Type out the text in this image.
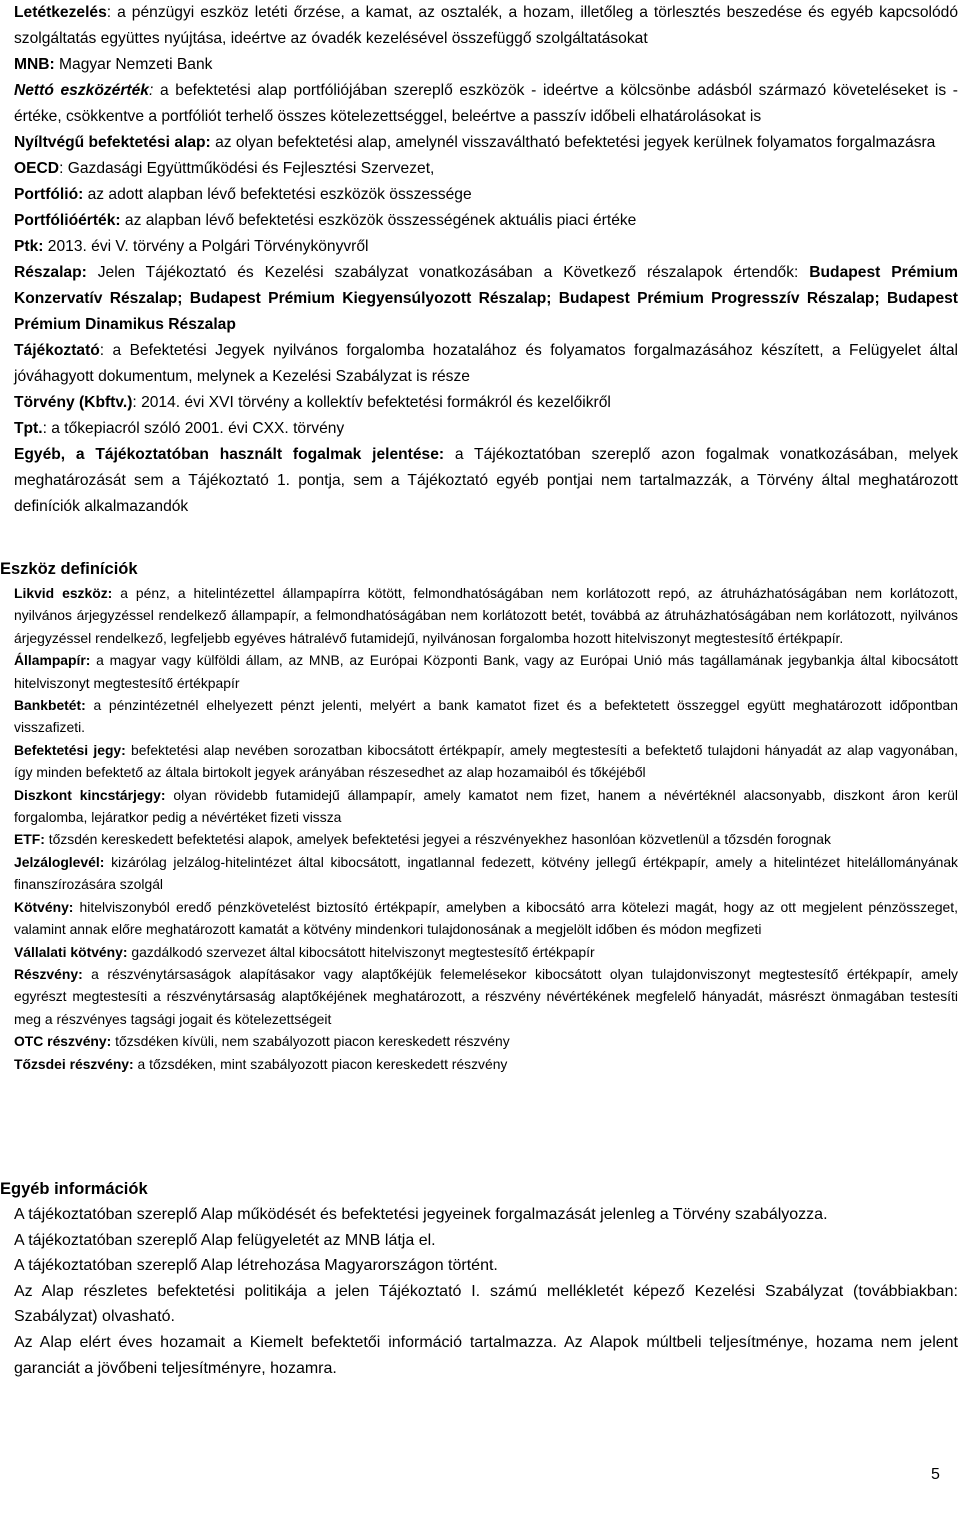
Letétkezelés: a pénzügyi eszköz letéti őrzése, a kamat, az osztalék, a hozam, illetőleg a törlesztés beszedése és egyéb kapcsolódó szolgáltatás együttes nyújtása, ideértve az óvadék kezelésével összefüggő szolgáltatásokat

MNB: Magyar Nemzeti Bank

Nettó eszközérték: a befektetési alap portfóliójában szereplő eszközök - ideértve a kölcsönbe adásból származó követeléseket is - értéke, csökkentve a portfóliót terhelő összes kötelezettséggel, beleértve a passzív időbeli elhatárolásokat is

Nyíltvégű befektetési alap: az olyan befektetési alap, amelynél visszaváltható befektetési jegyek kerülnek folyamatos forgalmazásra

OECD: Gazdasági Együttműködési és Fejlesztési Szervezet,

Portfólió: az adott alapban lévő befektetési eszközök összessége

Portfólióérték: az alapban lévő befektetési eszközök összességének aktuális piaci értéke

Ptk: 2013. évi V. törvény a Polgári Törvénykönyvről

Részalap: Jelen Tájékoztató és Kezelési szabályzat vonatkozásában a Következő részalapok értendők: Budapest Prémium Konzervatív Részalap; Budapest Prémium Kiegyensúlyozott Részalap; Budapest Prémium Progresszív Részalap; Budapest Prémium Dinamikus Részalap

Tájékoztató: a Befektetési Jegyek nyilvános forgalomba hozatalához és folyamatos forgalmazásához készített, a Felügyelet által jóváhagyott dokumentum, melynek a Kezelési Szabályzat is része

Törvény (Kbftv.): 2014. évi XVI törvény a kollektív befektetési formákról és kezelőikről

Tpt.: a tőkepiacról szóló 2001. évi CXX. törvény

Egyéb, a Tájékoztatóban használt fogalmak jelentése: a Tájékoztatóban szereplő azon fogalmak vonatkozásában, melyek meghatározását sem a Tájékoztató 1. pontja, sem a Tájékoztató egyéb pontjai nem tartalmazzák, a Törvény által meghatározott definíciók alkalmazandók

Eszköz definíciók

Likvid eszköz: a pénz, a hitelintézettel állampapírra kötött, felmondhatóságában nem korlátozott repó, az átruházhatóságában nem korlátozott, nyilvános árjegyzéssel rendelkező állampapír, a felmondhatóságában nem korlátozott betét, továbbá az átruházhatóságában nem korlátozott, nyilvános árjegyzéssel rendelkező, legfeljebb egyéves hátralévő futamidejű, nyilvánosan forgalomba hozott hitelviszonyt megtestesítő értékpapír.

Állampapír: a magyar vagy külföldi állam, az MNB, az Európai Központi Bank, vagy az Európai Unió más tagállamának jegybankja által kibocsátott hitelviszonyt megtestesítő értékpapír

Bankbetét: a pénzintézetnél elhelyezett pénzt jelenti, melyért a bank kamatot fizet és a befektetett összeggel együtt meghatározott időpontban visszafizeti.

Befektetési jegy: befektetési alap nevében sorozatban kibocsátott értékpapír, amely megtestesíti a befektető tulajdoni hányadát az alap vagyonában, így minden befektető az általa birtokolt jegyek arányában részesedhet az alap hozamaiból és tőkéjéből

Diszkont kincstárjegy: olyan rövidebb futamidejű állampapír, amely kamatot nem fizet, hanem a névértéknél alacsonyabb, diszkont áron kerül forgalomba, lejáratkor pedig a névértéket fizeti vissza

ETF: tőzsdén kereskedett befektetési alapok, amelyek befektetési jegyei a részvényekhez hasonlóan közvetlenül a tőzsdén forognak

Jelzáloglevél: kizárólag jelzálog-hitelintézet által kibocsátott, ingatlannal fedezett, kötvény jellegű értékpapír, amely a hitelintézet hitelállományának finanszírozására szolgál

Kötvény: hitelviszonyból eredő pénzkövetelést biztosító értékpapír, amelyben a kibocsátó arra kötelezi magát, hogy az ott megjelent pénzösszeget, valamint annak előre meghatározott kamatát a kötvény mindenkori tulajdonosának a megjelölt időben és módon megfizeti

Vállalati kötvény: gazdálkodó szervezet által kibocsátott hitelviszonyt megtestesítő értékpapír

Részvény: a részvénytársaságok alapításakor vagy alaptőkéjük felemelésekor kibocsátott olyan tulajdonviszonyt megtestesítő értékpapír, amely egyrészt megtestesíti a részvénytársaság alaptőkéjének meghatározott, a részvény névértékének megfelelő hányadát, másrészt önmagában testesíti meg a részvényes tagsági jogait és kötelezettségeit

OTC részvény: tőzsdéken kívüli, nem szabályozott piacon kereskedett részvény

Tőzsdei részvény: a tőzsdéken, mint szabályozott piacon kereskedett részvény

Egyéb információk

A tájékoztatóban szereplő Alap működését és befektetési jegyeinek forgalmazását jelenleg a Törvény szabályozza.

A tájékoztatóban szereplő Alap felügyeletét az MNB látja el.

A tájékoztatóban szereplő Alap létrehozása Magyarországon történt.

Az Alap részletes befektetési politikája a jelen Tájékoztató I. számú mellékletét képező Kezelési Szabályzat (továbbiakban: Szabályzat) olvasható.

Az Alap elért éves hozamait a Kiemelt befektetői információ tartalmazza. Az Alapok múltbeli teljesítménye, hozama nem jelent garanciát a jövőbeni teljesítményre, hozamra.

5
